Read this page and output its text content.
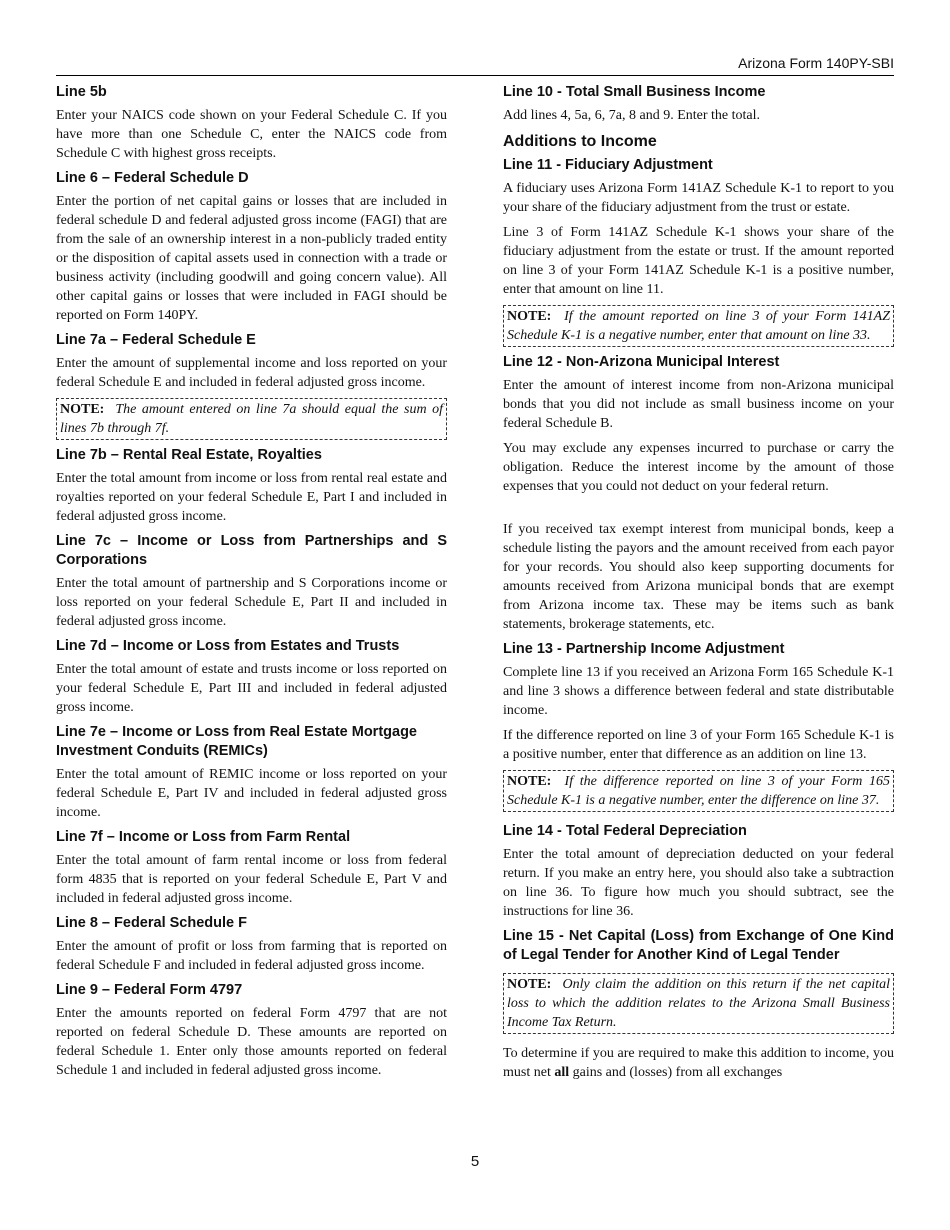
Arizona Form 140PY-SBI
Line 5b

Enter your NAICS code shown on your Federal Schedule C. If you have more than one Schedule C, enter the NAICS code from Schedule C with highest gross receipts.

Line 6 – Federal Schedule D

Enter the portion of net capital gains or losses that are included in federal schedule D and federal adjusted gross income (FAGI) that are from the sale of an ownership interest in a non-publicly traded entity or the disposition of capital assets used in connection with a trade or business activity (including goodwill and going concern value). All other capital gains or losses that were included in FAGI should be reported on Form 140PY.

Line 7a – Federal Schedule E

Enter the amount of supplemental income and loss reported on your federal Schedule E and included in federal adjusted gross income.

NOTE: The amount entered on line 7a should equal the sum of lines 7b through 7f.
Line 7b – Rental Real Estate, Royalties

Enter the total amount from income or loss from rental real estate and royalties reported on your federal Schedule E, Part I and included in federal adjusted gross income.

Line 7c – Income or Loss from Partnerships and S Corporations

Enter the total amount of partnership and S Corporations income or loss reported on your federal Schedule E, Part II and included in federal adjusted gross income.

Line 7d – Income or Loss from Estates and Trusts

Enter the total amount of estate and trusts income or loss reported on your federal Schedule E, Part III and included in federal adjusted gross income.

Line 7e – Income or Loss from Real Estate Mortgage Investment Conduits (REMICs)

Enter the total amount of REMIC income or loss reported on your federal Schedule E, Part IV and included in federal adjusted gross income.

Line 7f – Income or Loss from Farm Rental

Enter the total amount of farm rental income or loss from federal form 4835 that is reported on your federal Schedule E, Part V and included in federal adjusted gross income.

Line 8 – Federal Schedule F

Enter the amount of profit or loss from farming that is reported on federal Schedule F and included in federal adjusted gross income.

Line 9 – Federal Form 4797

Enter the amounts reported on federal Form 4797 that are not reported on federal Schedule D. These amounts are reported on federal Schedule 1. Enter only those amounts reported on federal Schedule 1 and included in federal adjusted gross income.

Line 10 - Total Small Business Income

Add lines 4, 5a, 6, 7a, 8 and 9. Enter the total.

Additions to Income
Line 11 - Fiduciary Adjustment

A fiduciary uses Arizona Form 141AZ Schedule K-1 to report to you your share of the fiduciary adjustment from the trust or estate.

Line 3 of Form 141AZ Schedule K-1 shows your share of the fiduciary adjustment from the estate or trust. If the amount reported on line 3 of your Form 141AZ Schedule K-1 is a positive number, enter that amount on line 11.

NOTE: If the amount reported on line 3 of your Form 141AZ Schedule K-1 is a negative number, enter that amount on line 33.
Line 12 - Non-Arizona Municipal Interest

Enter the amount of interest income from non-Arizona municipal bonds that you did not include as small business income on your federal Schedule B.

You may exclude any expenses incurred to purchase or carry the obligation. Reduce the interest income by the amount of those expenses that you could not deduct on your federal return.

If you received tax exempt interest from municipal bonds, keep a schedule listing the payors and the amount received from each payor for your records. You should also keep supporting documents for amounts received from Arizona municipal bonds that are exempt from Arizona income tax. These may be items such as bank statements, brokerage statements, etc.

Line 13 - Partnership Income Adjustment

Complete line 13 if you received an Arizona Form 165 Schedule K-1 and line 3 shows a difference between federal and state distributable income.

If the difference reported on line 3 of your Form 165 Schedule K-1 is a positive number, enter that difference as an addition on line 13.

NOTE: If the difference reported on line 3 of your Form 165 Schedule K-1 is a negative number, enter the difference on line 37.
Line 14 - Total Federal Depreciation

Enter the total amount of depreciation deducted on your federal return. If you make an entry here, you should also take a subtraction on line 36. To figure how much you should subtract, see the instructions for line 36.

Line 15 - Net Capital (Loss) from Exchange of One Kind of Legal Tender for Another Kind of Legal Tender
NOTE: Only claim the addition on this return if the net capital loss to which the addition relates to the Arizona Small Business Income Tax Return.

To determine if you are required to make this addition to income, you must net all gains and (losses) from all exchanges

5
